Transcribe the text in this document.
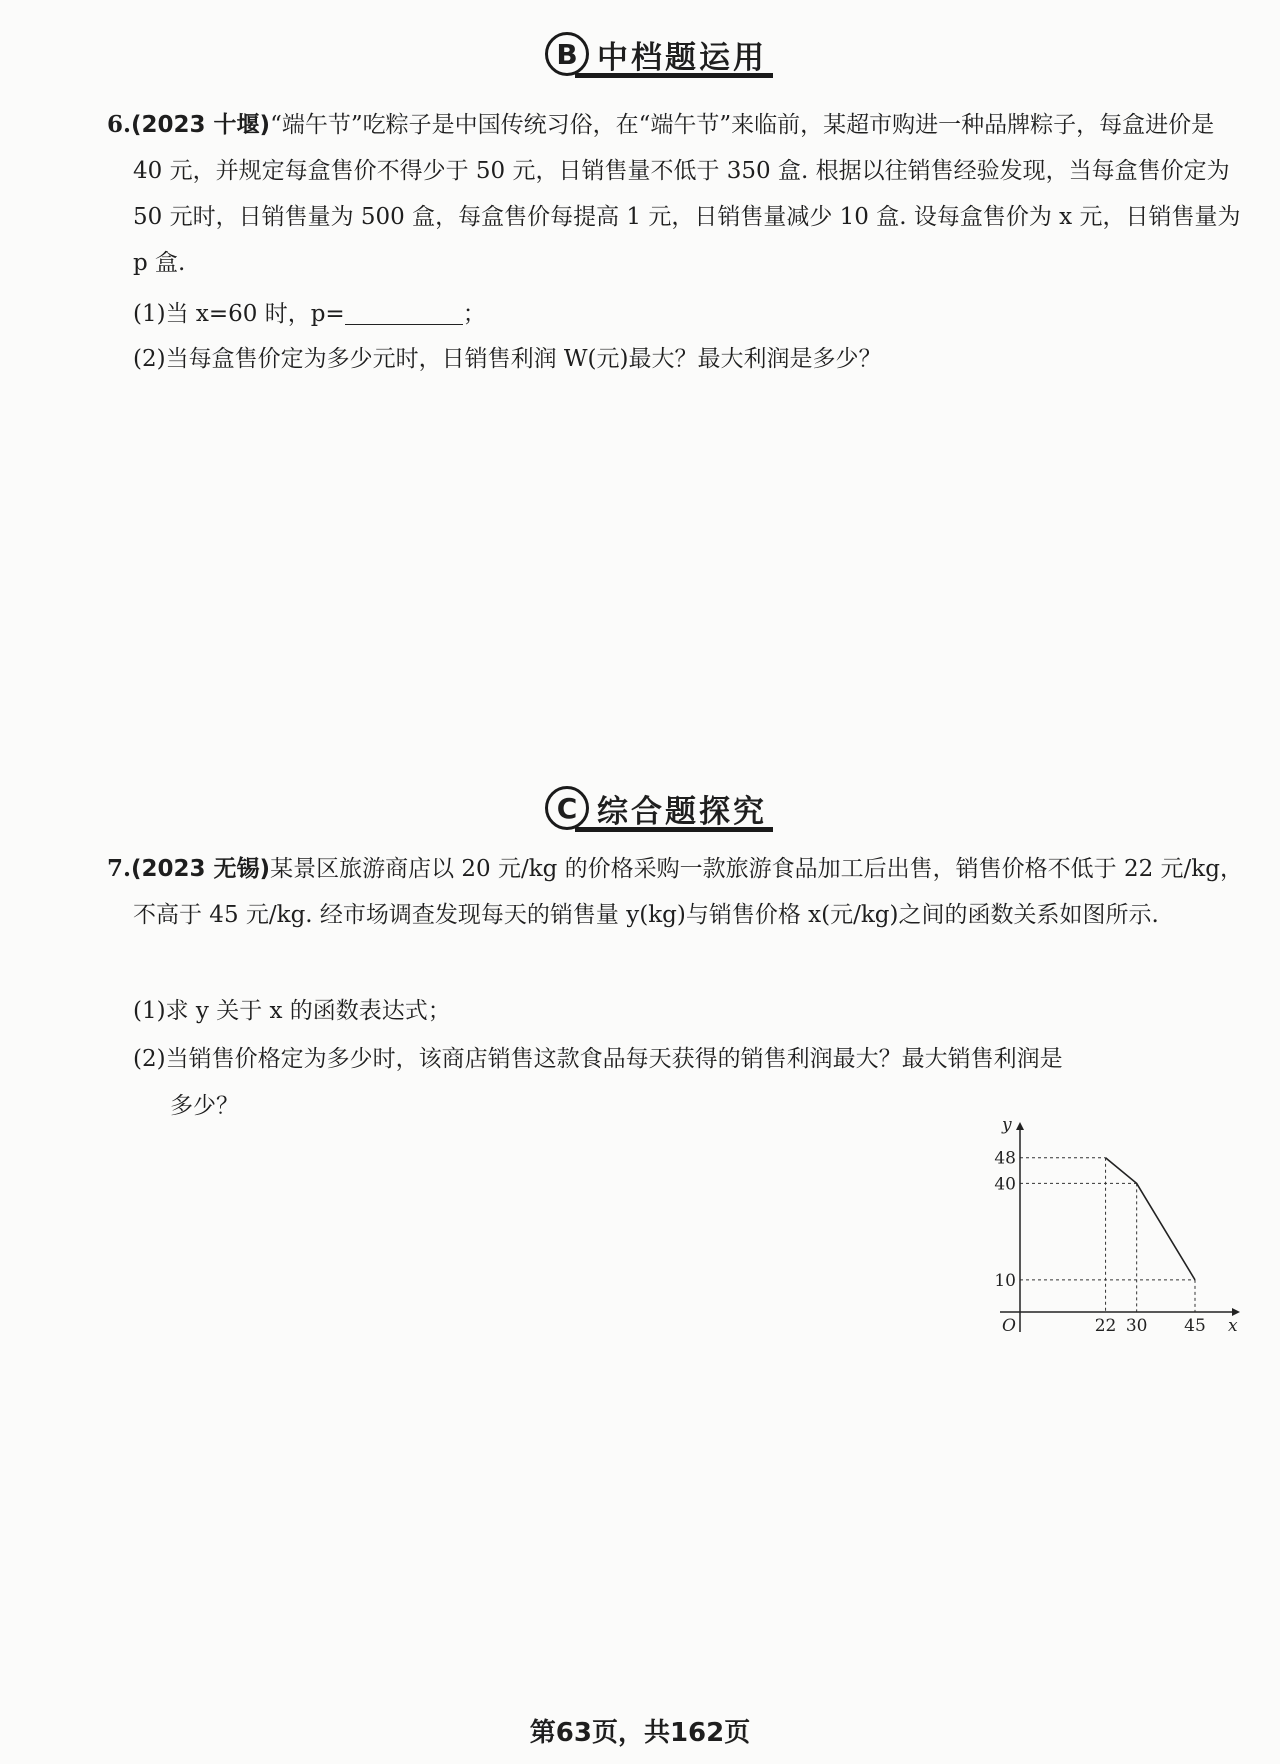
B 中档题运用
6.(2023 十堰)“端午节”吃粽子是中国传统习俗，在“端午节”来临前，某超市购进一种品牌粽子，每盒进价是 40 元，并规定每盒售价不得少于 50 元，日销售量不低于 350 盒. 根据以往销售经验发现，当每盒售价定为 50 元时，日销售量为 500 盒，每盒售价每提高 1 元，日销售量减少 10 盒. 设每盒售价为 x 元，日销售量为 p 盒.
(1)当 x=60 时，p=	；
(2)当每盒售价定为多少元时，日销售利润 W(元)最大？最大利润是多少？
C 综合题探究
7.(2023 无锡)某景区旅游商店以 20 元/kg 的价格采购一款旅游食品加工后出售，销售价格不低于 22 元/kg，不高于 45 元/kg. 经市场调查发现每天的销售量 y(kg)与销售价格 x(元/kg)之间的函数关系如图所示.
(1)求 y 关于 x 的函数表达式；
(2)当销售价格定为多少时，该商店销售这款食品每天获得的销售利润最大？最大销售利润是
多少？
22 30 45
10
40
48
x
y
O
第63页，共162页
